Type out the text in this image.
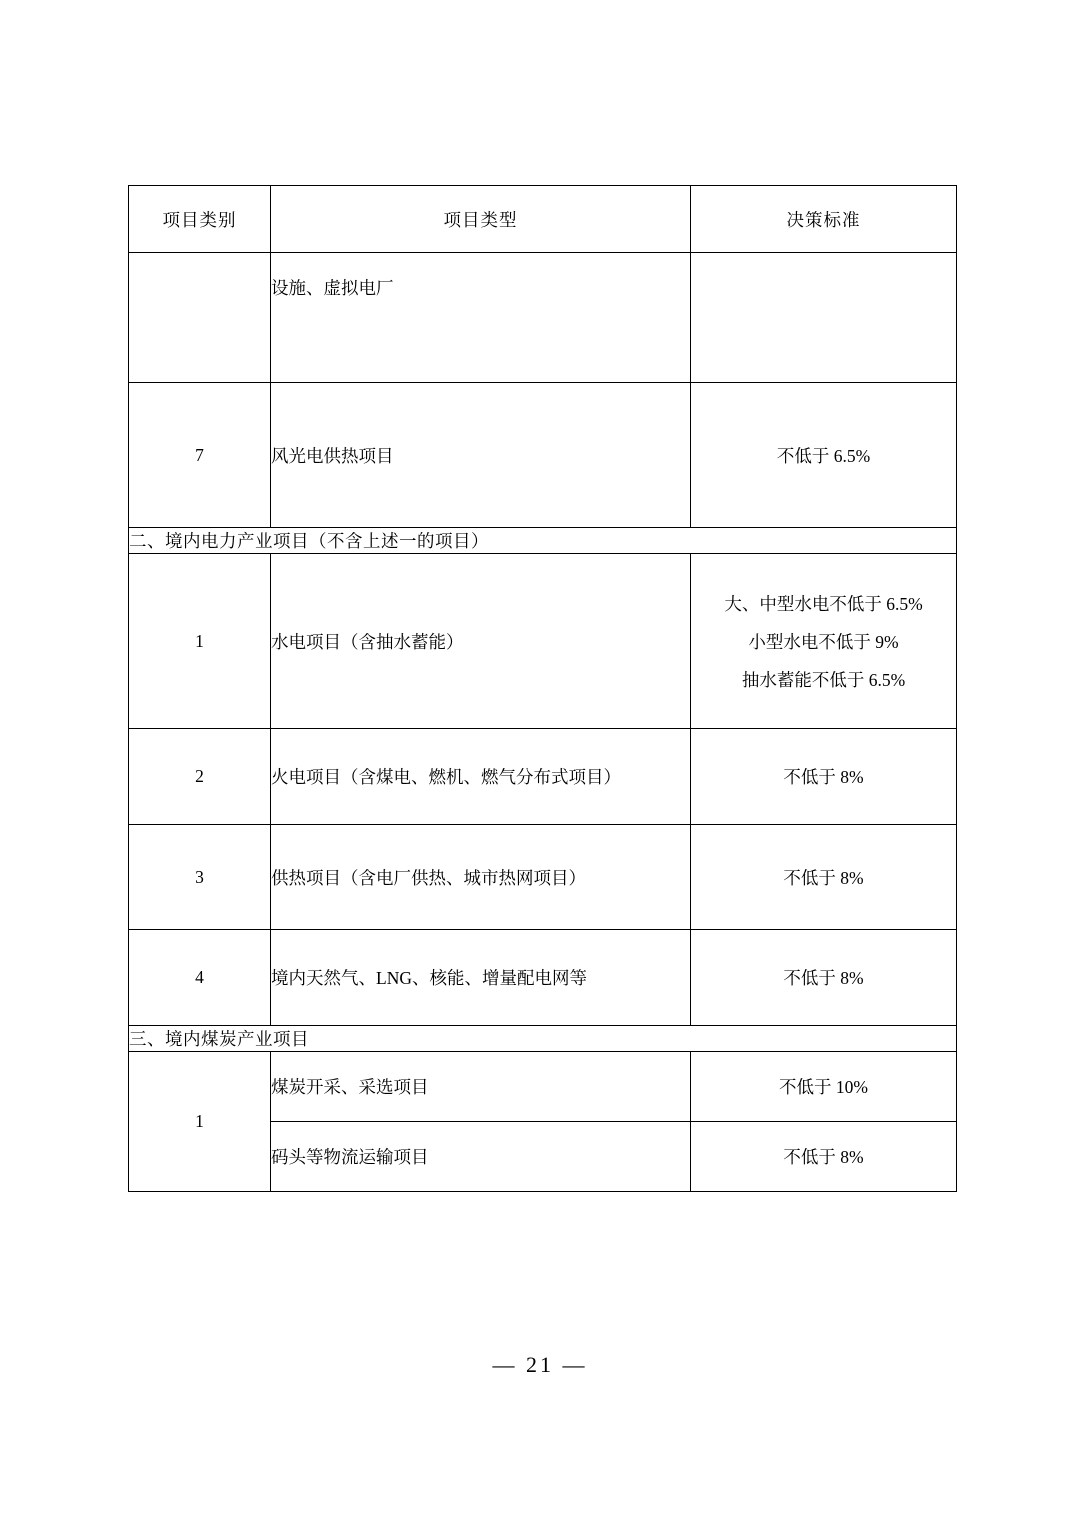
项目类别	项目类型	决策标准
	设施、虚拟电厂	
7	风光电供热项目	不低于 6.5%
二、境内电力产业项目（不含上述一的项目）		
1	水电项目（含抽水蓄能）	大、中型水电不低于 6.5%
小型水电不低于 9%
抽水蓄能不低于 6.5%

2	火电项目（含煤电、燃机、燃气分布式项目）	不低于 8%
3	供热项目（含电厂供热、城市热网项目）	不低于 8%
4	境内天然气、LNG、核能、增量配电网等	不低于 8%
三、境内煤炭产业项目		
1	煤炭开采、采选项目	不低于 10%
	码头等物流运输项目	不低于 8%
— 21 —
